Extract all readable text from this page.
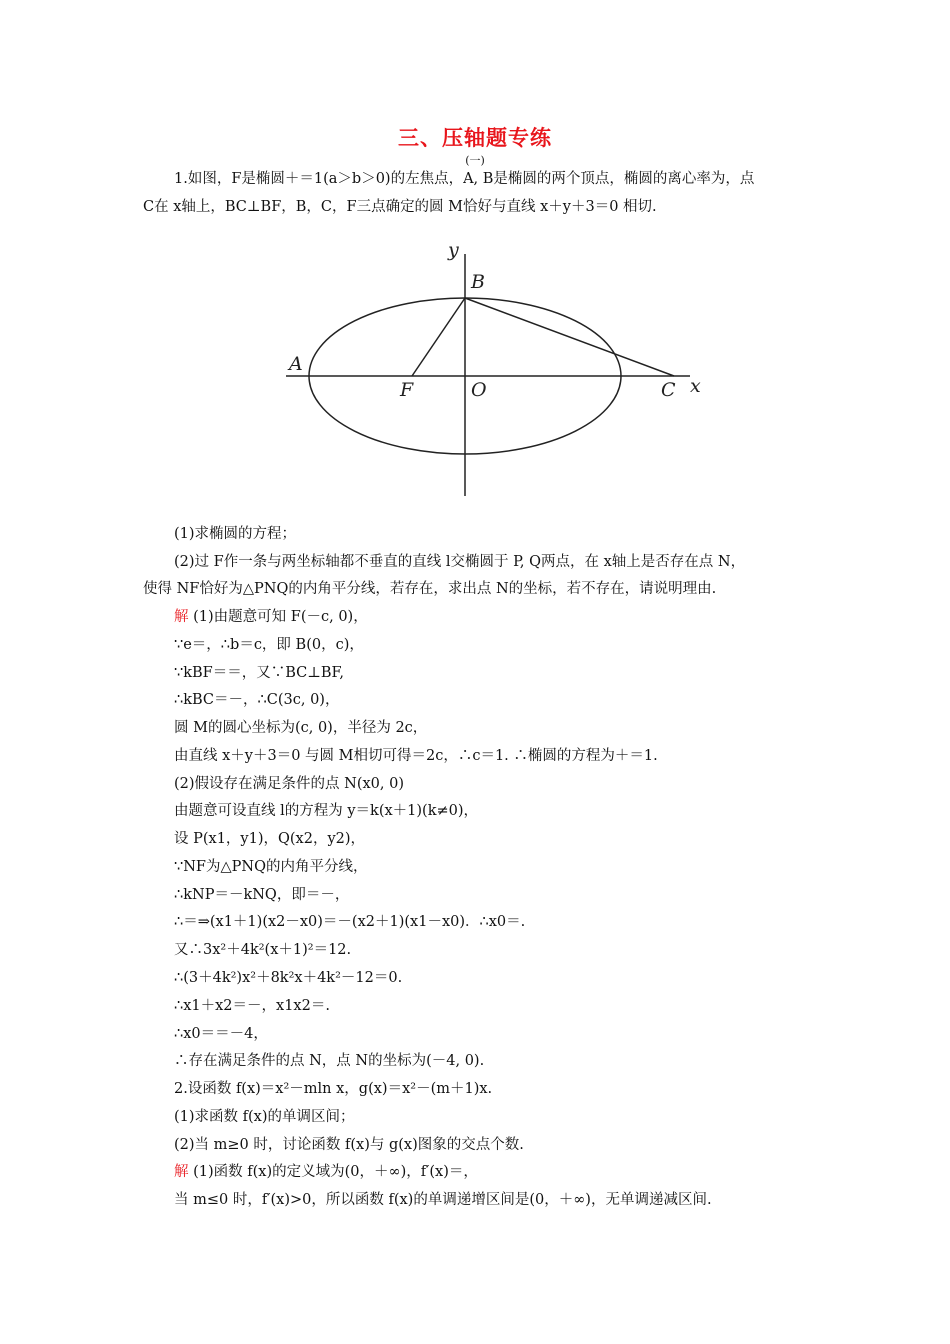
三、压轴题专练
(一)
1.如图，F是椭圆＋＝1(a＞b＞0)的左焦点，A, B是椭圆的两个顶点，椭圆的离心率为，点
C在 x轴上，BC⊥BF，B，C，F三点确定的圆 M恰好与直线 x＋y＋3＝0 相切.
y
B
A
F	O	C x
(1)求椭圆的方程；
(2)过 F作一条与两坐标轴都不垂直的直线 l交椭圆于 P, Q两点，在 x轴上是否存在点 N，
使得 NF恰好为△PNQ的内角平分线，若存在，求出点 N的坐标，若不存在，请说明理由.
解 (1)由题意可知 F(－c, 0)，
∵e＝，∴b＝c，即 B(0，c)，
∵kBF＝＝，又∵BC⊥BF,
∴kBC＝－，∴C(3c, 0)，
圆 M的圆心坐标为(c, 0)，半径为 2c，
由直线 x＋y＋3＝0 与圆 M相切可得＝2c，∴c＝1. ∴椭圆的方程为＋＝1.
(2)假设存在满足条件的点 N(x0, 0)
由题意可设直线 l的方程为 y＝k(x＋1)(k≠0)，
设 P(x1，y1)，Q(x2，y2)，
∵NF为△PNQ的内角平分线，
∴kNP＝－kNQ，即＝－，
∴＝⇒(x1＋1)(x2－x0)＝－(x2＋1)(x1－x0)．∴x0＝.
又∴3x²＋4k²(x＋1)²＝12.
∴(3＋4k²)x²＋8k²x＋4k²－12＝0.
∴x1＋x2＝－，x1x2＝.
∴x0＝＝－4，
∴存在满足条件的点 N，点 N的坐标为(－4, 0).
2.设函数 f(x)＝x²－mln x，g(x)＝x²－(m＋1)x.
(1)求函数 f(x)的单调区间；
(2)当 m≥0 时，讨论函数 f(x)与 g(x)图象的交点个数.
解 (1)函数 f(x)的定义域为(0，＋∞)，f′(x)＝，
当 m≤0 时，f′(x)>0，所以函数 f(x)的单调递增区间是(0，＋∞)，无单调递减区间.
